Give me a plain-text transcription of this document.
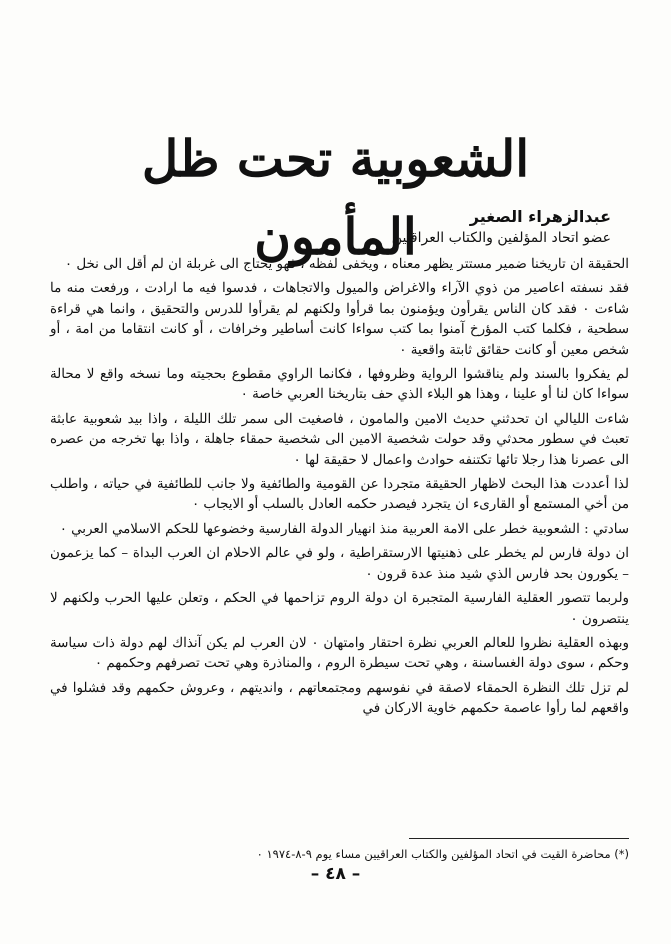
الشعوبية تحت ظل المأمون	عبدالزهراء الصغير
عضو اتحاد المؤلفين والكتاب العراقيين

الحقيقة ان تاريخنا ضمير مستتر يظهر معناه ، ويخفى لفظه ، فهو يحتاج الى غربلة ان لم أقل الى نخل ٠

فقد نسفته اعاصير من ذوي الآراء والاغراض والميول والاتجاهات ، فدسوا فيه ما ارادت ، ورفعت منه ما شاءت ٠ فقد كان الناس يقرأون ويؤمنون بما قرأوا ولكنهم لم يقرأوا للدرس والتحقيق ، وانما هي قراءة سطحية ، فكلما كتب المؤرخ آمنوا بما كتب سواءا كانت أساطير وخرافات ، أو كانت انتقاما من امة ، أو شخص معين أو كانت حقائق ثابتة واقعية ٠

لم يفكروا بالسند ولم يناقشوا الرواية وظروفها ، فكانما الراوي مقطوع بحجيته وما نسخه واقع لا محالة سواءا كان لنا أو علينا ، وهذا هو البلاء الذي حف بتاريخنا العربي خاصة ٠

شاءت الليالي ان تحدثني حديث الامين والمامون ، فاصغيت الى سمر تلك الليلة ، واذا بيد شعوبية عابثة تعبث في سطور محدثي وقد حولت شخصية الامين الى شخصية حمقاء جاهلة ، واذا بها تخرجه من عصره الى عصرنا هذا رجلا تائها تكتنفه حوادث واعمال لا حقيقة لها ٠

لذا أعددت هذا البحث لاظهار الحقيقة متجردا عن القومية والطائفية ولا جانب للطائفية في حياته ، واطلب من أخي المستمع أو القارىء ان يتجرد فيصدر حكمه العادل بالسلب أو الايجاب ٠

سادتي : الشعوبية خطر على الامة العربية منذ انهيار الدولة الفارسية وخضوعها للحكم الاسلامي العربي ٠

ان دولة فارس لم يخطر على ذهنيتها الارستقراطية ، ولو في عالم الاحلام ان العرب البداة – كما يزعمون – يكورون بحد فارس الذي شيد منذ عدة قرون ٠

ولربما تتصور العقلية الفارسية المتجبرة ان دولة الروم تزاحمها في الحكم ، وتعلن عليها الحرب ولكنهم لا ينتصرون ٠

وبهذه العقلية نظروا للعالم العربي نظرة احتقار وامتهان ٠ لان العرب لم يكن آنذاك لهم دولة ذات سياسة وحكم ، سوى دولة الغساسنة ، وهي تحت سيطرة الروم ، والمناذرة وهي تحت تصرفهم وحكمهم ٠

لم تزل تلك النظرة الحمقاء لاصقة في نفوسهم ومجتمعاتهم ، وانديتهم ، وعروش حكمهم وقد فشلوا في واقعهم لما رأوا عاصمة حكمهم خاوية الاركان في

(*) محاضرة القيت في اتحاد المؤلفين والكتاب العراقيين مساء يوم ٩-٨-١٩٧٤ ٠
– ٤٨ –
